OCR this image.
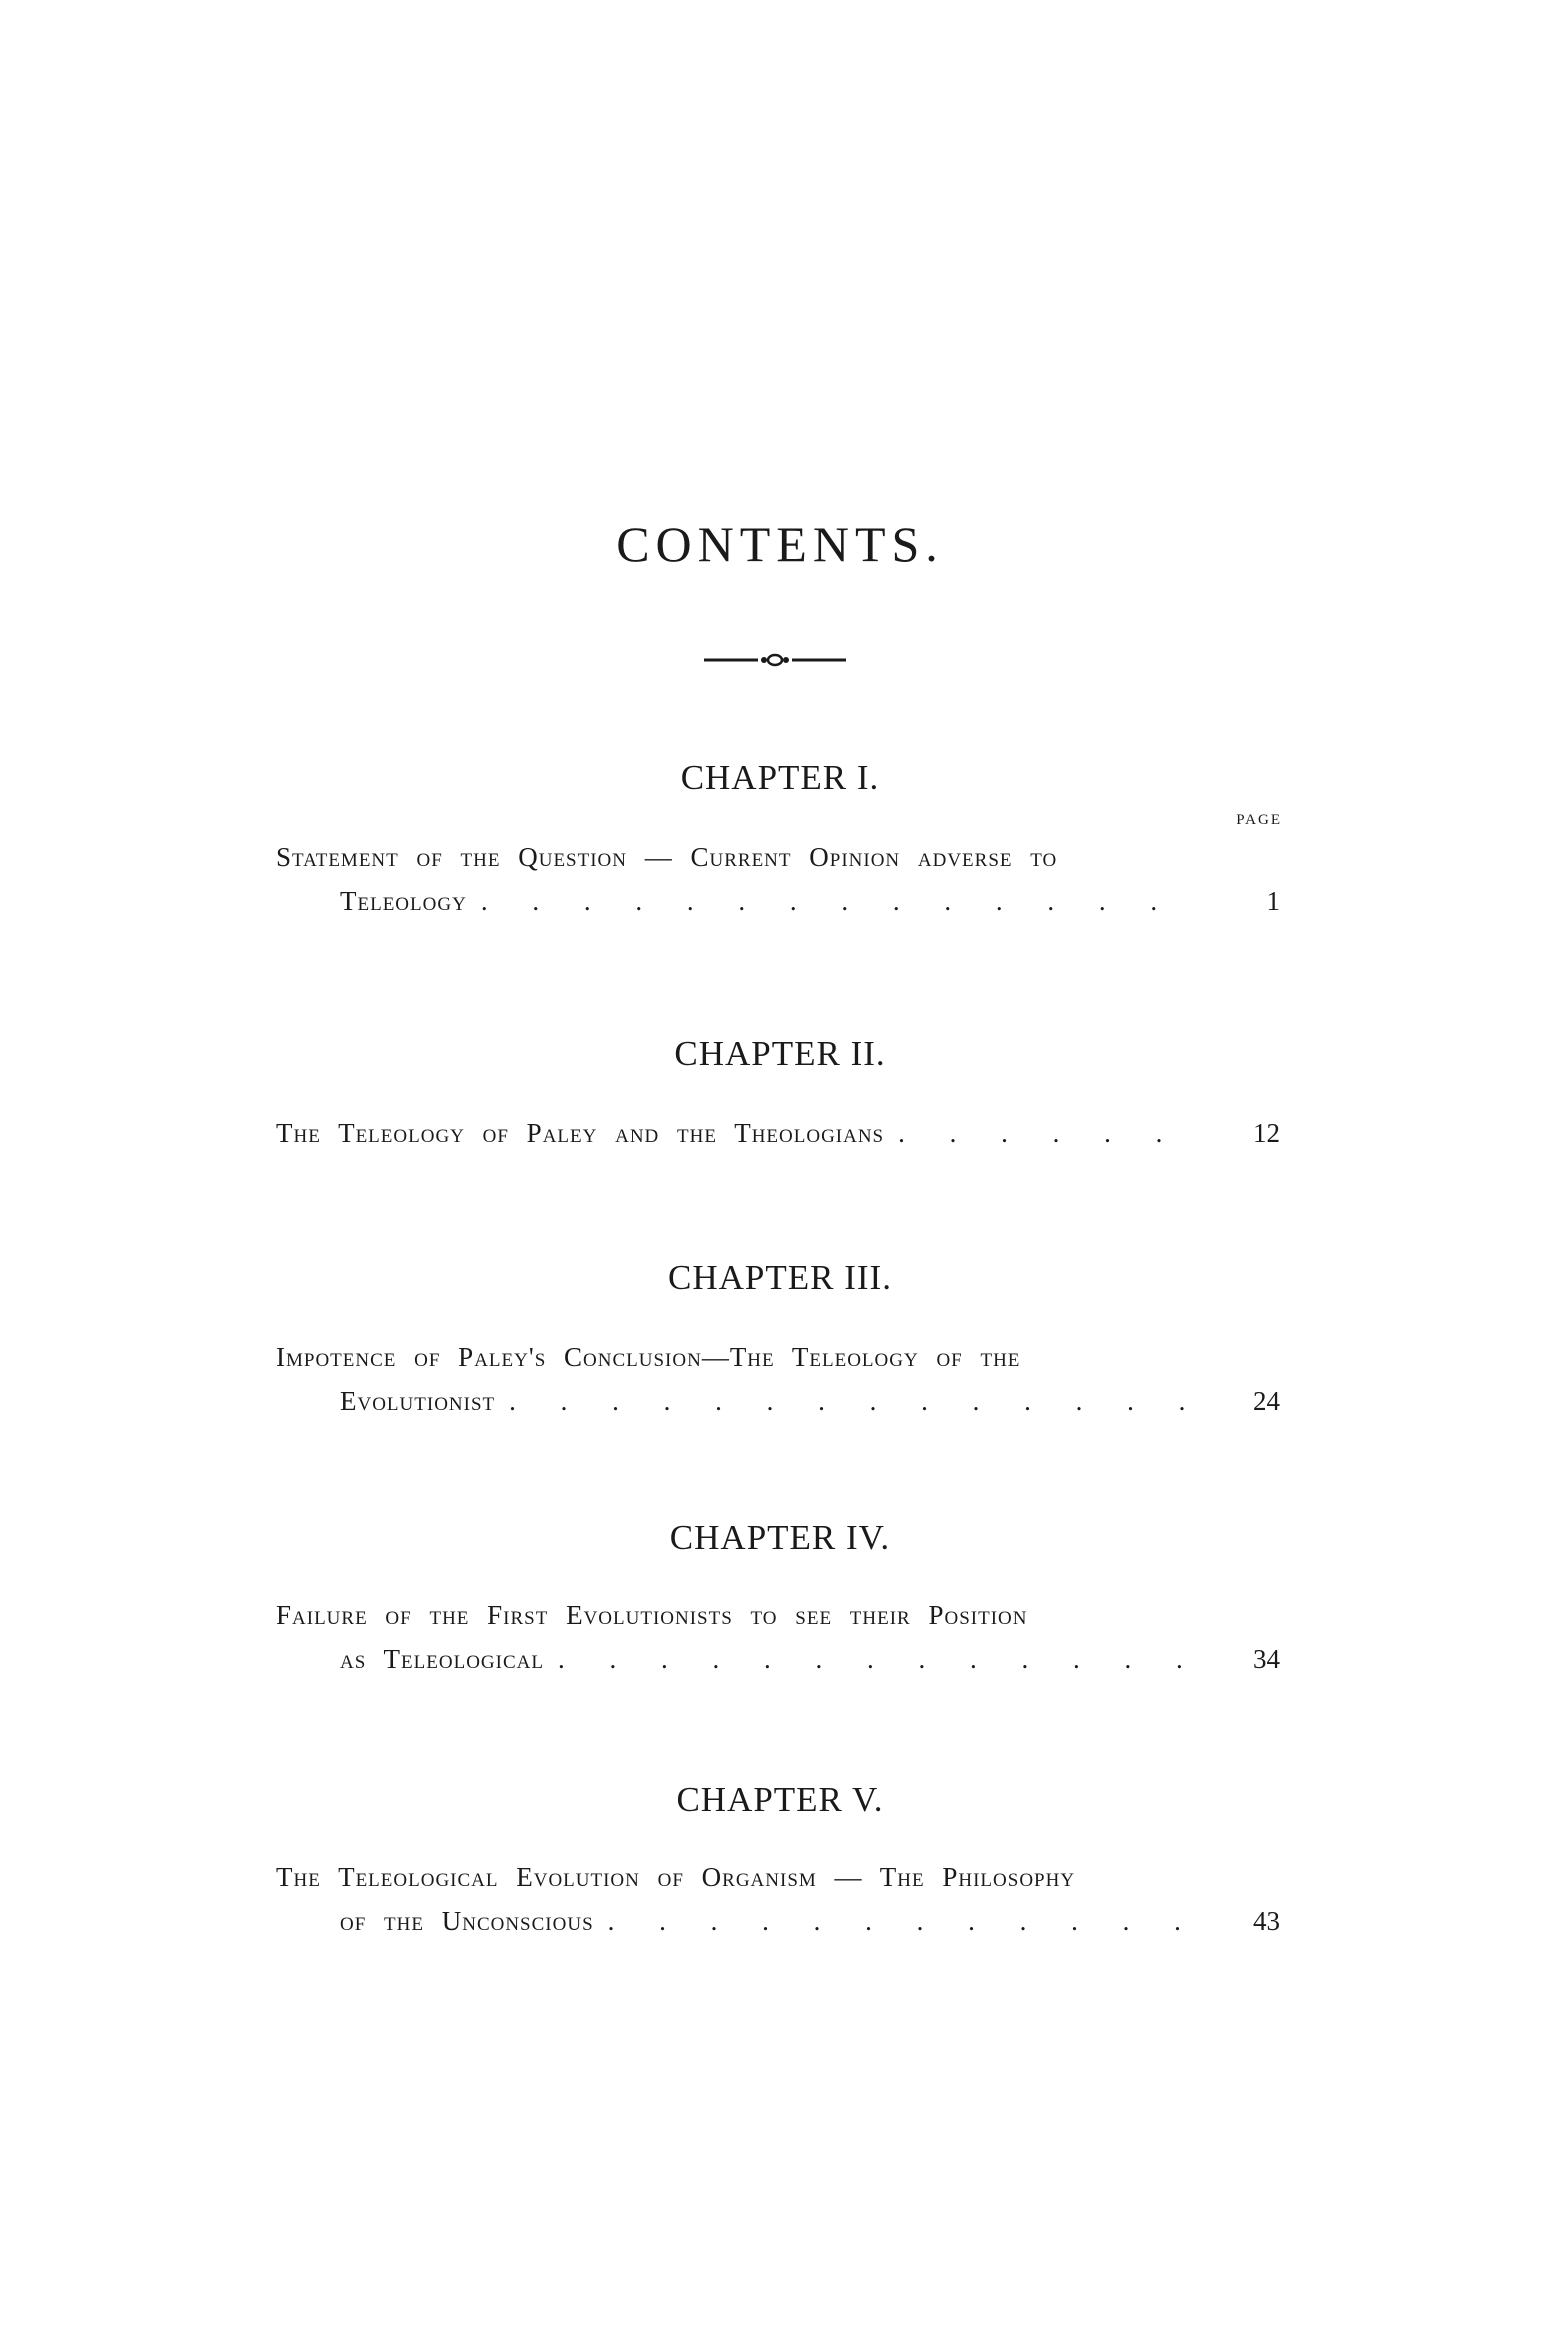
CONTENTS.
PAGE
CHAPTER I.
Statement of the Question — Current Opinion adverse to
Teleology . . .	1
CHAPTER II.
The Teleology of Paley and the Theologians . . .	12
CHAPTER III.
Impotence of Paley's Conclusion—The Teleology of the
Evolutionist . . .	24
CHAPTER IV.
Failure of the First Evolutionists to see their Position
as Teleological . . .	34
CHAPTER V.
The Teleological Evolution of Organism — The Philosophy
of the Unconscious . . .	43
